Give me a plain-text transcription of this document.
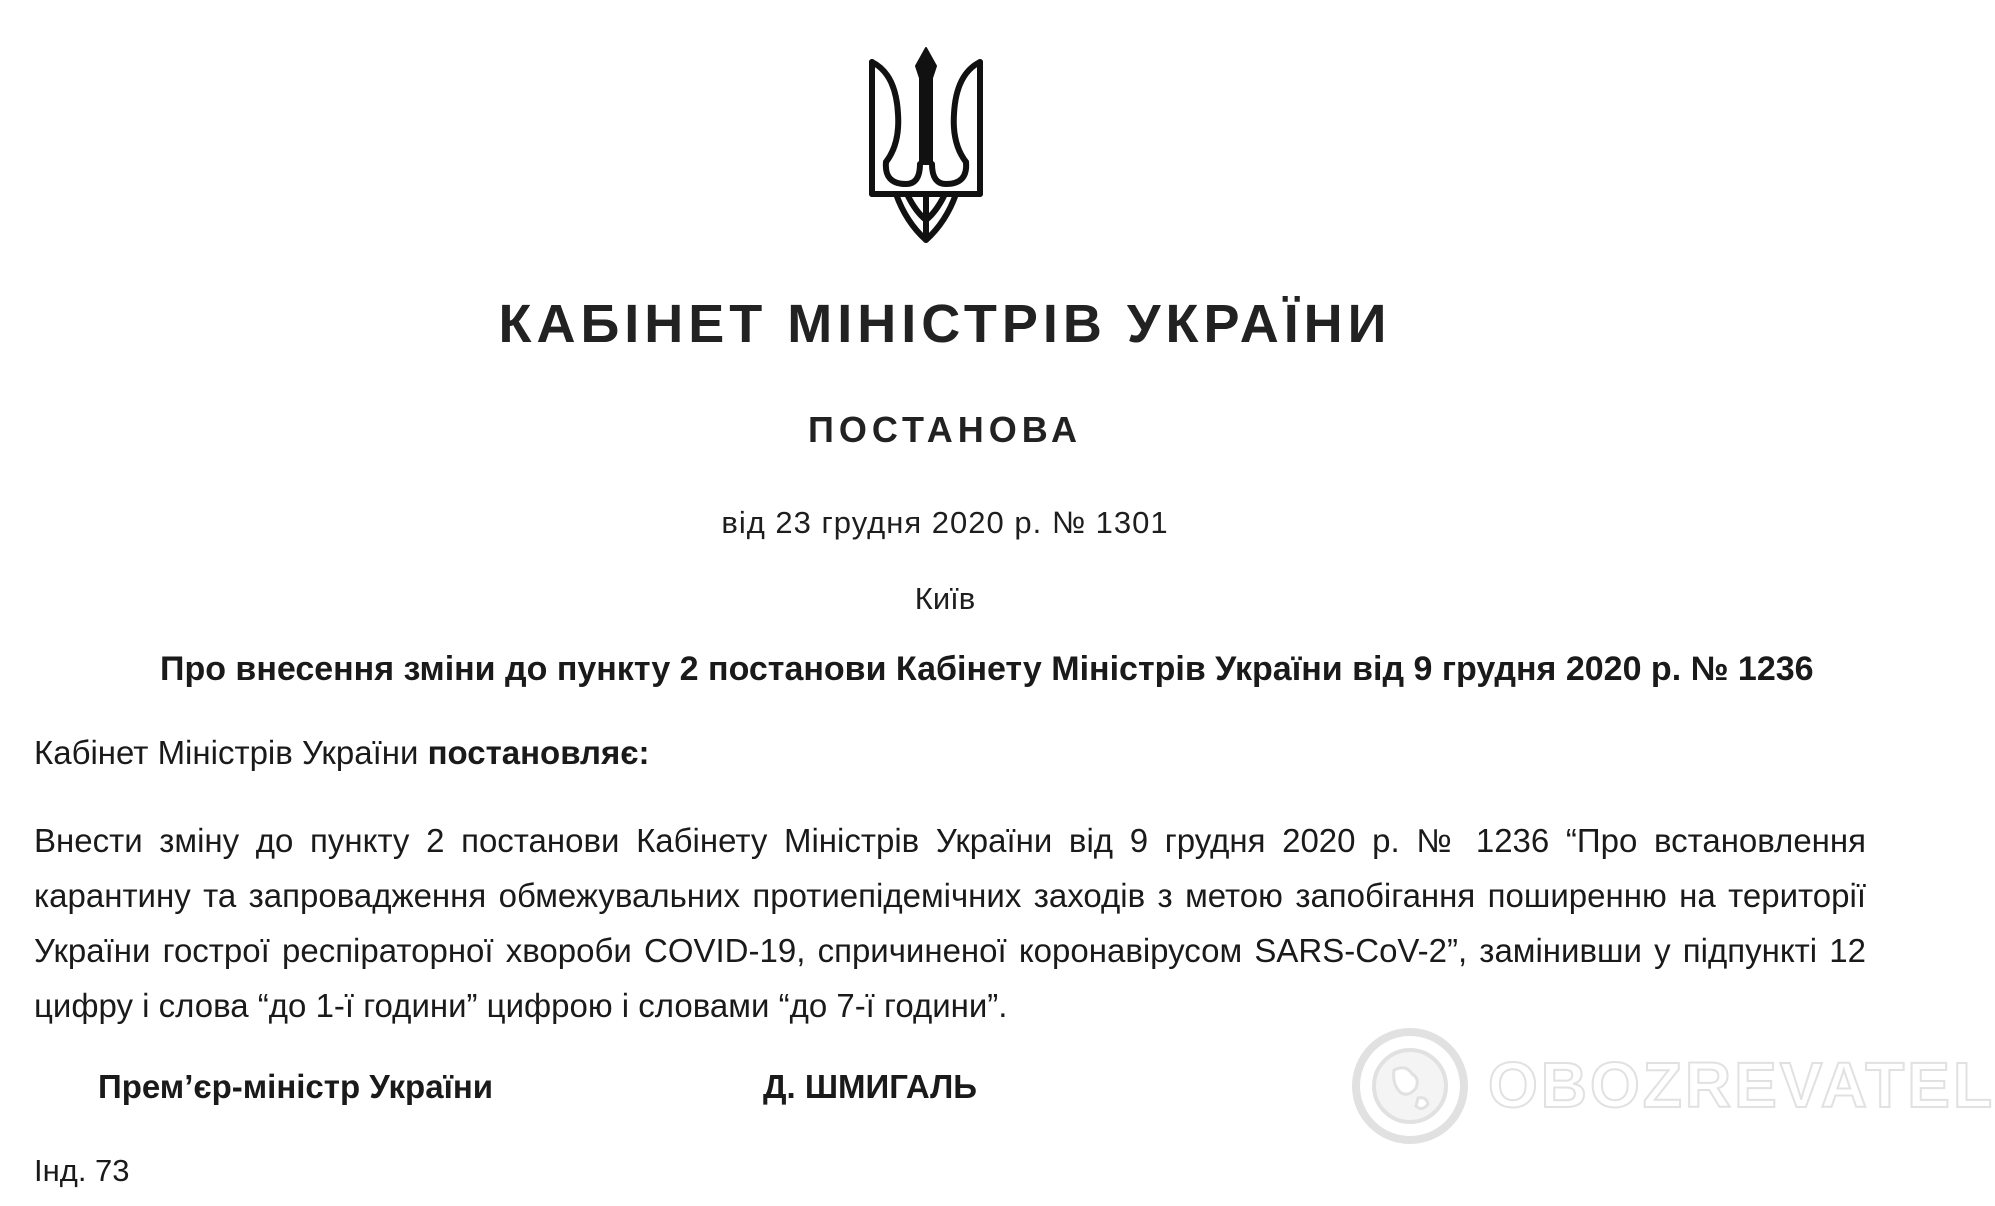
КАБІНЕТ МІНІСТРІВ УКРАЇНИ
ПОСТАНОВА
від 23 грудня 2020 р. № 1301
Київ
Про внесення зміни до пункту 2 постанови Кабінету Міністрів України від 9 грудня 2020 р. № 1236
Кабінет Міністрів України постановляє:
Внести зміну до пункту 2 постанови Кабінету Міністрів України від 9 грудня 2020 р. № 1236 “Про встановлення карантину та запровадження обмежувальних протиепідемічних заходів з метою запобігання поширенню на території України гострої респіраторної хвороби COVID-19, спричиненої коронавірусом SARS-CoV-2”, замінивши у підпункті 12 цифру і слова “до 1-ї години” цифрою і словами “до 7-ї години”.
Прем’єр-міністр України	Д. ШМИГАЛЬ
Інд. 73
OBOZREVATEL
